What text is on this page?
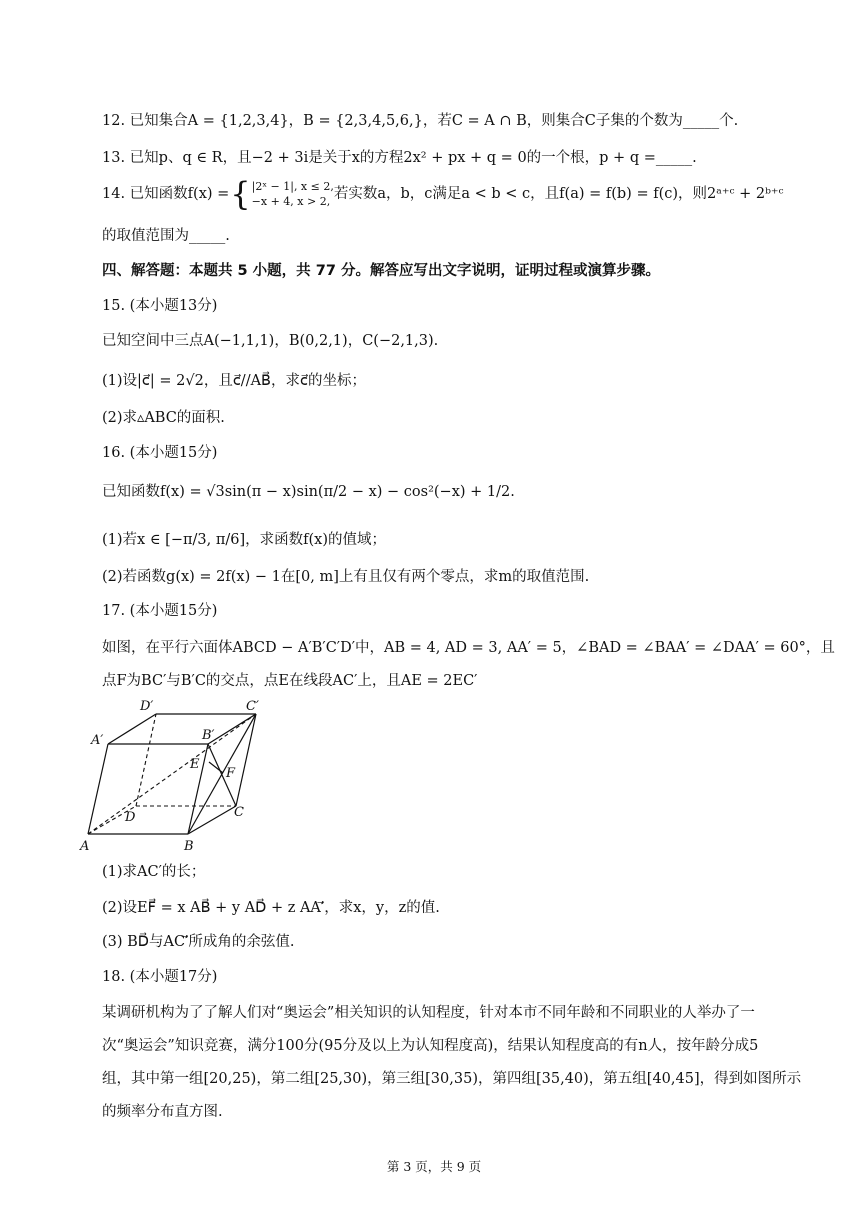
12. 已知集合A = {1,2,3,4}，B = {2,3,4,5,6,}，若C = A ∩ B，则集合C子集的个数为_____个.
13. 已知p、q ∈ R，且−2 + 3i是关于x的方程2x² + px + q = 0的一个根，p + q =_____.
14. 已知函数f(x) ={|2ˣ − 1|, x ≤ 2,
−x + 4, x > 2, 若实数a，b，c满足a < b < c，且f(a) = f(b) = f(c)，则2ᵃ⁺ᶜ + 2ᵇ⁺ᶜ
的取值范围为_____.
四、解答题：本题共 5 小题，共 77 分。解答应写出文字说明，证明过程或演算步骤。
15. (本小题13分)
已知空间中三点A(−1,1,1)，B(0,2,1)，C(−2,1,3).
(1)设|c⃗| = 2√2，且c⃗//AB⃗，求c⃗的坐标；
(2)求▵ABC的面积.
16. (本小题15分)
已知函数f(x) = √3sin(π − x)sin(π/2 − x) − cos²(−x) + 1/2.
(1)若x ∈ [−π/3, π/6]，求函数f(x)的值域；
(2)若函数g(x) = 2f(x) − 1在[0, m]上有且仅有两个零点，求m的取值范围.
17. (本小题15分)
如图，在平行六面体ABCD − A′B′C′D′中，AB = 4, AD = 3, AA′ = 5，∠BAD = ∠BAA′ = ∠DAA′ = 60°，且
点F为BC′与B′C的交点，点E在线段AC′上，且AE = 2EC′
D′	C′
A′	B′
E
F
D	C
A	B
(1)求AC′的长；
(2)设EF⃗ = x AB⃗ + y AD⃗ + z AA′⃗，求x，y，z的值.
(3) BD⃗与AC′⃗所成角的余弦值.
18. (本小题17分)
某调研机构为了了解人们对“奥运会”相关知识的认知程度，针对本市不同年龄和不同职业的人举办了一
次“奥运会”知识竞赛，满分100分(95分及以上为认知程度高)，结果认知程度高的有n人，按年龄分成5
组，其中第一组[20,25)，第二组[25,30)，第三组[30,35)，第四组[35,40)，第五组[40,45]，得到如图所示
的频率分布直方图.
第 3 页，共 9 页
